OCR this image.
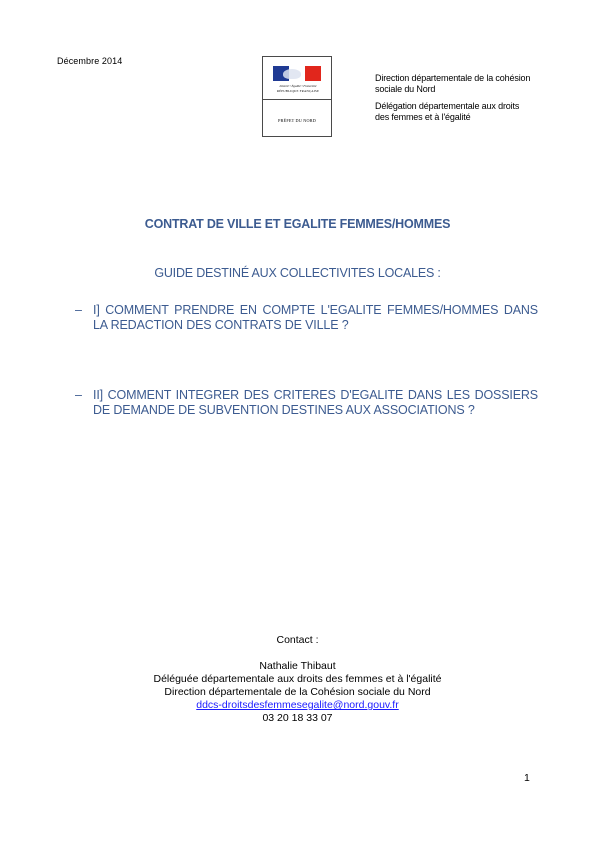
Décembre 2014
Liberté • Égalité • Fraternité
RÉPUBLIQUE FRANÇAISE
PRÉFET DU NORD

Direction départementale de la cohésion sociale du Nord

Délégation départementale aux droits des femmes et à l'égalité

CONTRAT DE VILLE ET EGALITE FEMMES/HOMMES
GUIDE DESTINÉ AUX COLLECTIVITES LOCALES :
– I] COMMENT PRENDRE EN COMPTE L'EGALITE FEMMES/HOMMES DANS LA REDACTION DES CONTRATS DE VILLE ?
– II] COMMENT INTEGRER DES CRITERES D'EGALITE DANS LES DOSSIERS DE DEMANDE DE SUBVENTION DESTINES AUX ASSOCIATIONS ?
Contact :
Nathalie Thibaut
Déléguée départementale aux droits des femmes et à l'égalité
Direction départementale de la Cohésion sociale du Nord
ddcs-droitsdesfemmesegalite@nord.gouv.fr
03 20 18 33 07
1
